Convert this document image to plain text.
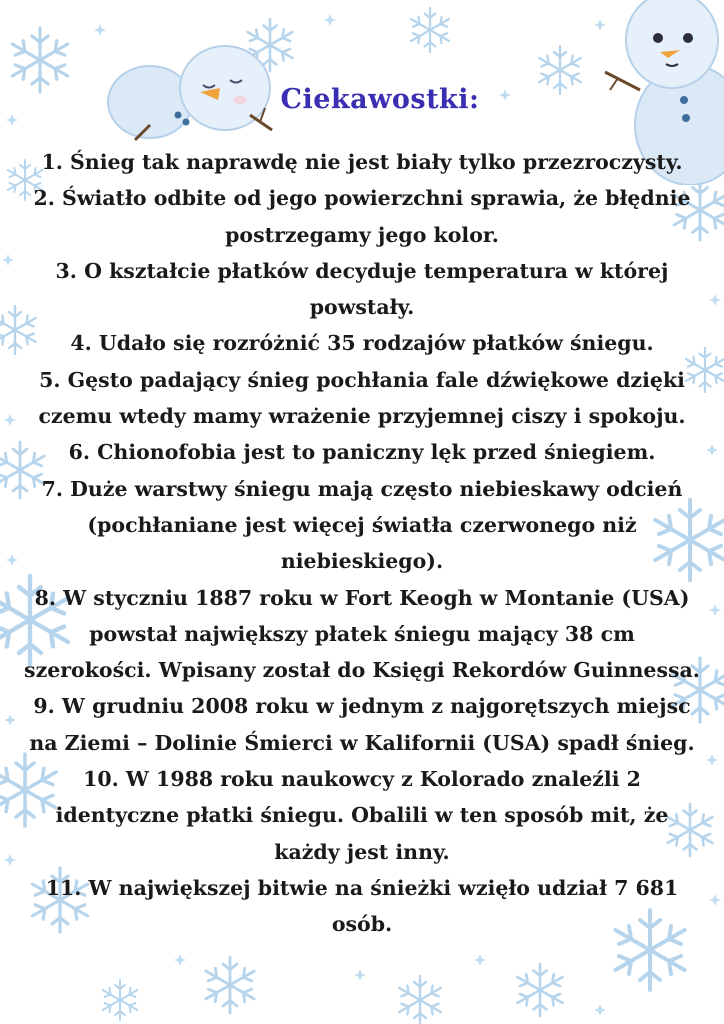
Ciekawostki:
1. Śnieg tak naprawdę nie jest biały tylko przezroczysty.
2. Światło odbite od jego powierzchni sprawia, że błędnie postrzegamy jego kolor.
3. O kształcie płatków decyduje temperatura w której powstały.
4. Udało się rozróżnić 35 rodzajów płatków śniegu.
5. Gęsto padający śnieg pochłania fale dźwiękowe dzięki czemu wtedy mamy wrażenie przyjemnej ciszy i spokoju.
6. Chionofobia jest to paniczny lęk przed śniegiem.
7. Duże warstwy śniegu mają często niebieskawy odcień (pochłaniane jest więcej światła czerwonego niż niebieskiego).
8. W styczniu 1887 roku w Fort Keogh w Montanie (USA) powstał największy płatek śniegu mający 38 cm szerokości. Wpisany został do Księgi Rekordów Guinnessa.
9. W grudniu 2008 roku w jednym z najgorętszych miejsc na Ziemi – Dolinie Śmierci w Kalifornii (USA) spadł śnieg.
10. W 1988 roku naukowcy z Kolorado znaleźli 2 identyczne płatki śniegu. Obalili w ten sposób mit, że każdy jest inny.
11. W największej bitwie na śnieżki wzięło udział 7 681 osób.
